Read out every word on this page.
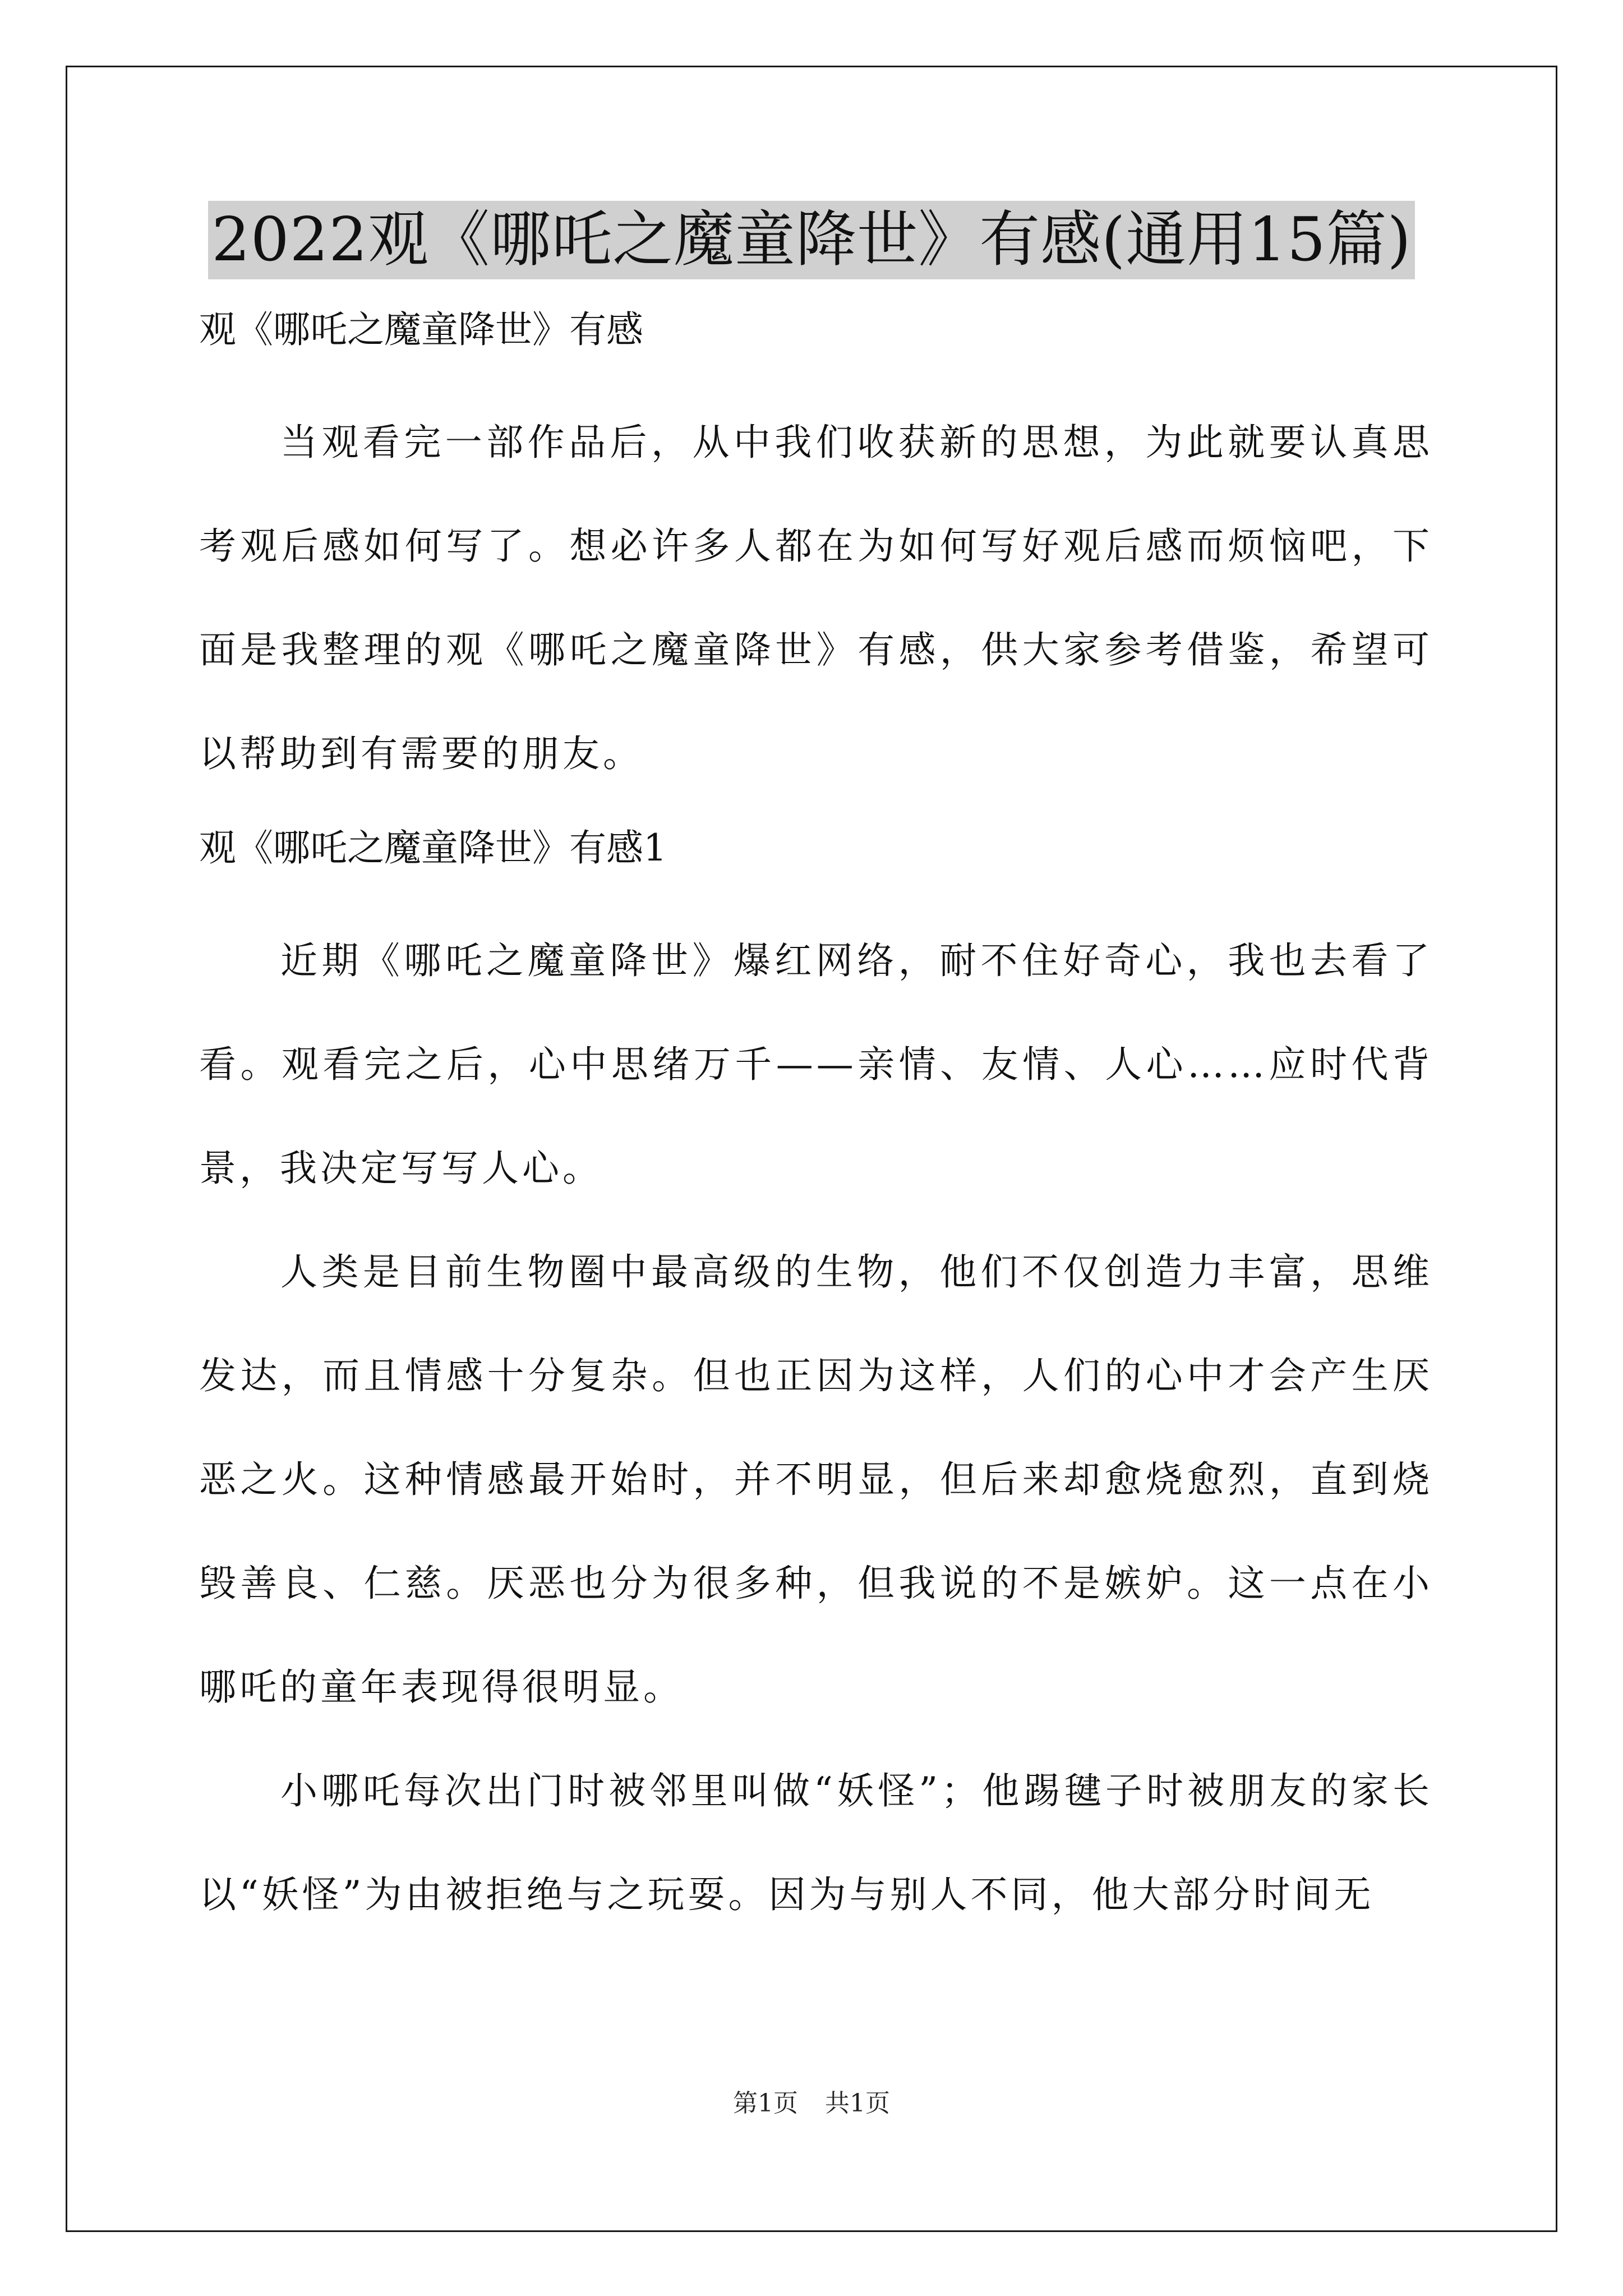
2022观《哪吒之魔童降世》有感(通用15篇)

观《哪吒之魔童降世》有感

当观看完一部作品后，从中我们收获新的思想，为此就要认真思考观后感如何写了。想必许多人都在为如何写好观后感而烦恼吧，下面是我整理的观《哪吒之魔童降世》有感，供大家参考借鉴，希望可以帮助到有需要的朋友。

观《哪吒之魔童降世》有感1

近期《哪吒之魔童降世》爆红网络，耐不住好奇心，我也去看了看。观看完之后，心中思绪万千——亲情、友情、人心……应时代背景，我决定写写人心。

人类是目前生物圈中最高级的生物，他们不仅创造力丰富，思维发达，而且情感十分复杂。但也正因为这样，人们的心中才会产生厌恶之火。这种情感最开始时，并不明显，但后来却愈烧愈烈，直到烧毁善良、仁慈。厌恶也分为很多种，但我说的不是嫉妒。这一点在小哪吒的童年表现得很明显。

小哪吒每次出门时被邻里叫做“妖怪”；他踢毽子时被朋友的家长以“妖怪”为由被拒绝与之玩耍。因为与别人不同，他大部分时间无

第1页 共1页
